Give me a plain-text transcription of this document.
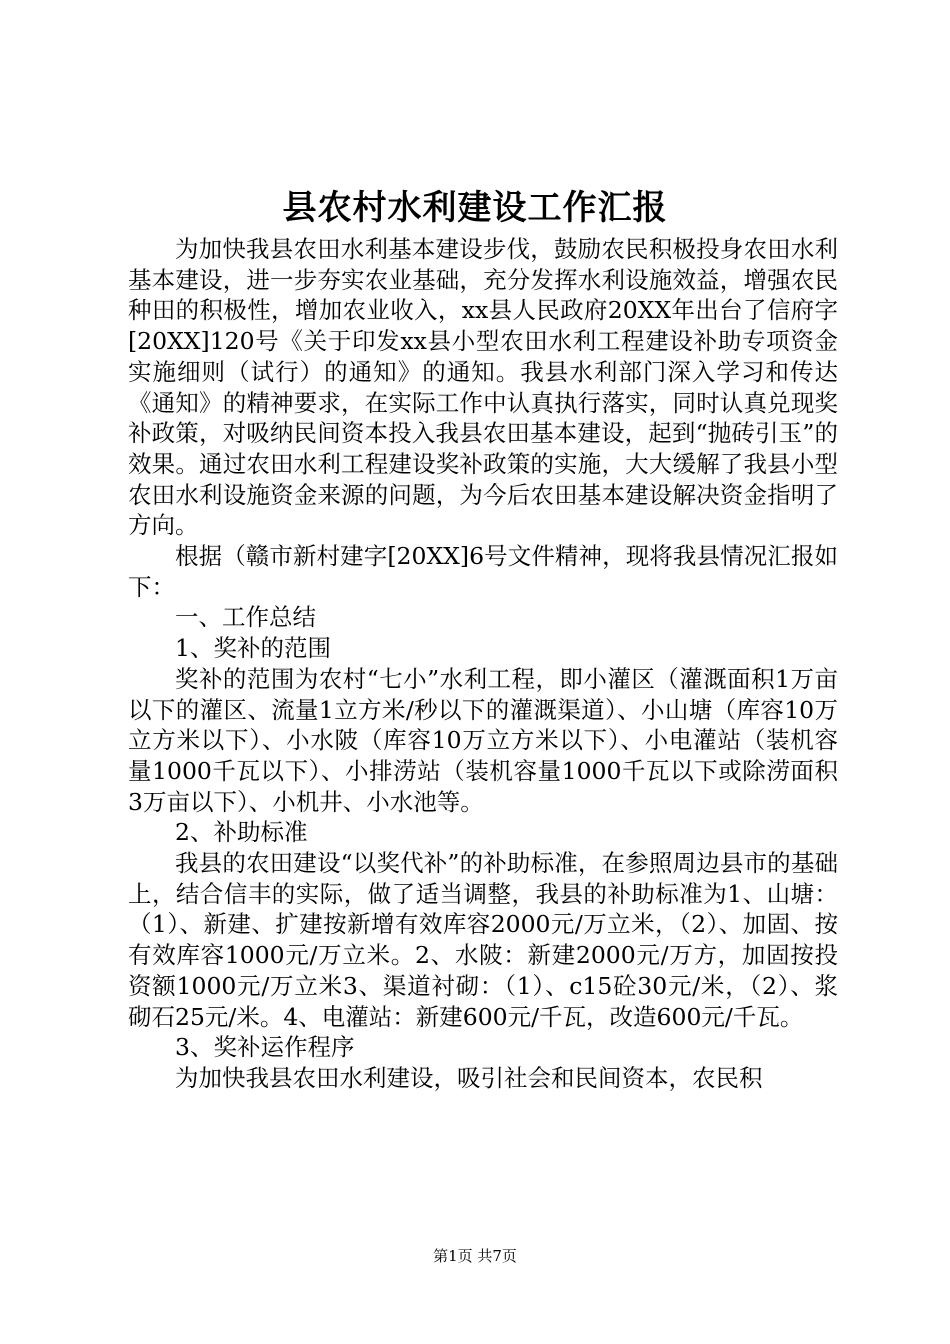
县农村水利建设工作汇报

为加快我县农田水利基本建设步伐，鼓励农民积极投身农田水利基本建设，进一步夯实农业基础，充分发挥水利设施效益，增强农民种田的积极性，增加农业收入，xx县人民政府20XX年出台了信府字[20XX]120号《关于印发xx县小型农田水利工程建设补助专项资金实施细则（试行）的通知》的通知。我县水利部门深入学习和传达《通知》的精神要求，在实际工作中认真执行落实，同时认真兑现奖补政策，对吸纳民间资本投入我县农田基本建设，起到“抛砖引玉”的效果。通过农田水利工程建设奖补政策的实施，大大缓解了我县小型农田水利设施资金来源的问题，为今后农田基本建设解决资金指明了方向。

根据（赣市新村建字[20XX]6号文件精神，现将我县情况汇报如下：

一、工作总结

1、奖补的范围

奖补的范围为农村“七小”水利工程，即小灌区（灌溉面积1万亩以下的灌区、流量1立方米/秒以下的灌溉渠道）、小山塘（库容10万立方米以下）、小水陂（库容10万立方米以下）、小电灌站（装机容量1000千瓦以下）、小排涝站（装机容量1000千瓦以下或除涝面积3万亩以下）、小机井、小水池等。

2、补助标准

我县的农田建设“以奖代补”的补助标准，在参照周边县市的基础上，结合信丰的实际，做了适当调整，我县的补助标准为1、山塘：（1）、新建、扩建按新增有效库容2000元/万立米，（2）、加固、按有效库容1000元/万立米。2、水陂：新建2000元/万方，加固按投资额1000元/万立米3、渠道衬砌：（1）、c15砼30元/米，（2）、浆砌石25元/米。4、电灌站：新建600元/千瓦，改造600元/千瓦。

3、奖补运作程序

为加快我县农田水利建设，吸引社会和民间资本，农民积

第1页 共7页
